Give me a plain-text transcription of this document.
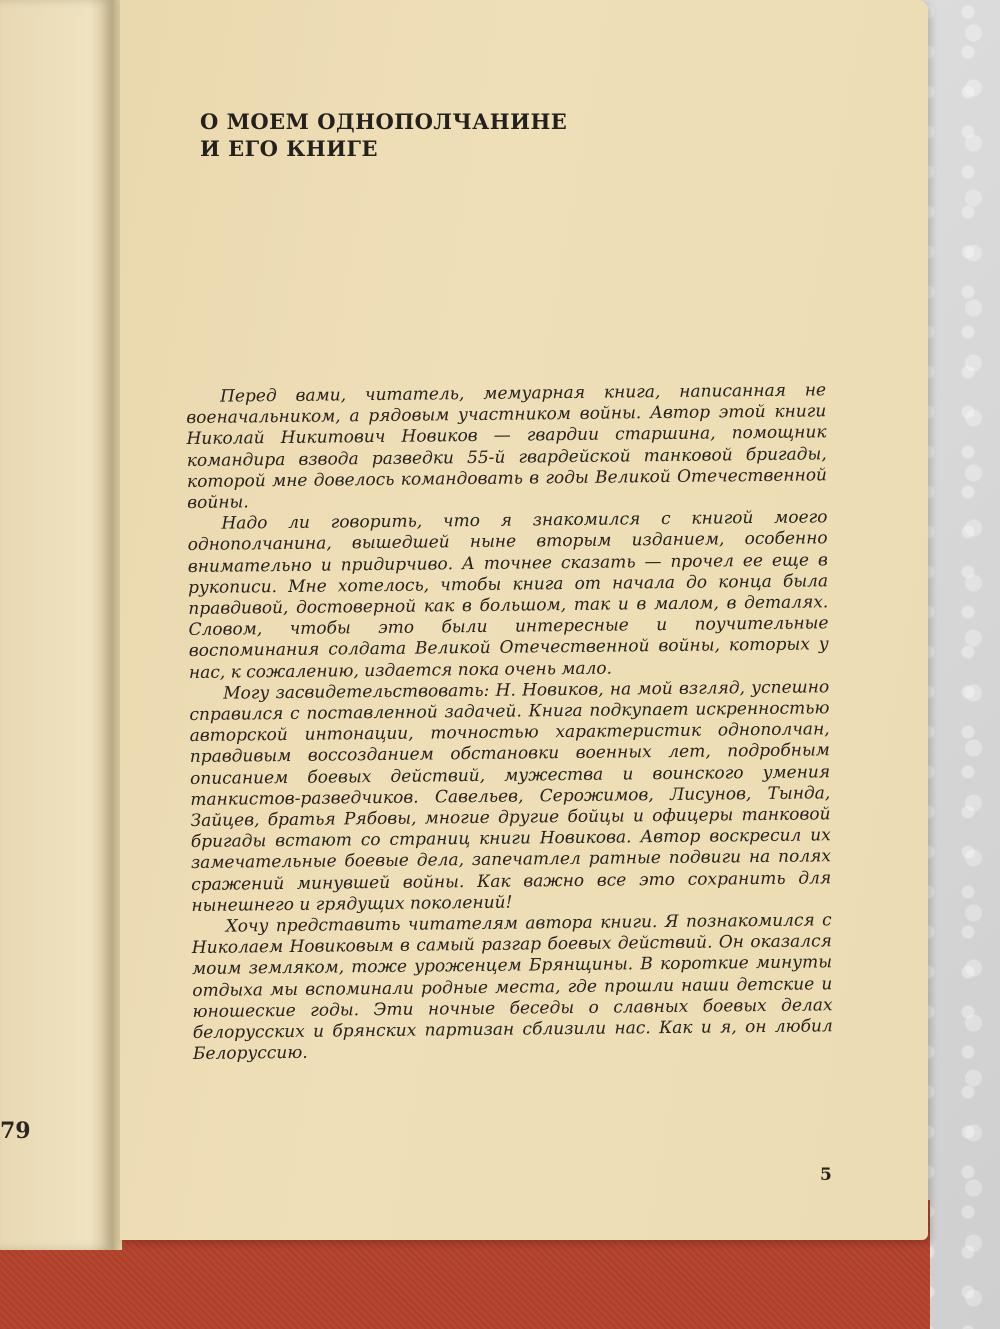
79
О МОЕМ ОДНОПОЛЧАНИНЕ
И ЕГО КНИГЕ

Перед вами, читатель, мемуарная книга, написанная не военачальником, а рядовым участником войны. Автор этой книги Николай Никитович Новиков — гвардии старшина, помощник командира взвода разведки 55-й гвардейской танковой бригады, которой мне довелось командовать в годы Великой Отечественной войны.

Надо ли говорить, что я знакомился с книгой моего однополчанина, вышедшей ныне вторым изданием, особенно внимательно и придирчиво. А точнее сказать — прочел ее еще в рукописи. Мне хотелось, чтобы книга от начала до конца была правдивой, достоверной как в большом, так и в малом, в деталях. Словом, чтобы это были интересные и поучительные воспоминания солдата Великой Отечественной войны, которых у нас, к сожалению, издается пока очень мало.

Могу засвидетельствовать: Н. Новиков, на мой взгляд, успешно справился с поставленной задачей. Книга подкупает искренностью авторской интонации, точностью характеристик однополчан, правдивым воссозданием обстановки военных лет, подробным описанием боевых действий, мужества и воинского умения танкистов-разведчиков. Савельев, Серожимов, Лисунов, Тында, Зайцев, братья Рябовы, многие другие бойцы и офицеры танковой бригады встают со страниц книги Новикова. Автор воскресил их замечательные боевые дела, запечатлел ратные подвиги на полях сражений минувшей войны. Как важно все это сохранить для нынешнего и грядущих поколений!

Хочу представить читателям автора книги. Я познакомился с Николаем Новиковым в самый разгар боевых действий. Он оказался моим земляком, тоже уроженцем Брянщины. В короткие минуты отдыха мы вспоминали родные места, где прошли наши детские и юношеские годы. Эти ночные беседы о славных боевых делах белорусских и брянских партизан сблизили нас. Как и я, он любил Белоруссию.

5
